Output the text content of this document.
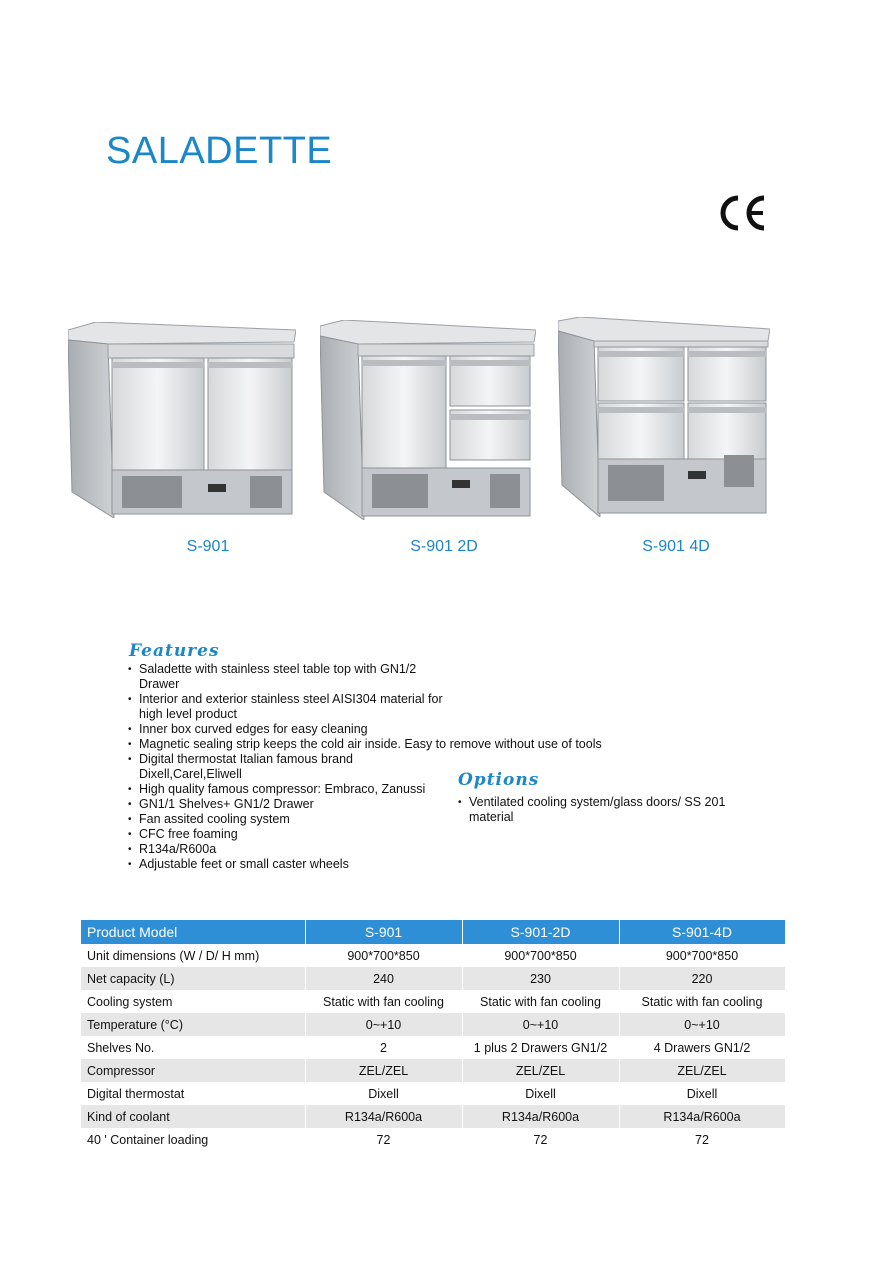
SALADETTE
S-901	S-901 2D	S-901 4D
Features
• Saladette with stainless steel table top with GN1/2 Drawer
• Interior and exterior stainless steel AISI304 material for high level product
• Inner box curved edges for easy cleaning
• Magnetic sealing strip keeps the cold air inside. Easy to remove without use of tools
• Digital thermostat Italian famous brand Dixell,Carel,Eliwell
• High quality famous compressor: Embraco, Zanussi
• GN1/1 Shelves+ GN1/2 Drawer
• Fan assited cooling system
• CFC free foaming
• R134a/R600a
• Adjustable feet or small caster wheels
Options
• Ventilated cooling system/glass doors/ SS 201 material
Product Model	S-901	S-901-2D	S-901-4D
Unit dimensions (W / D/ H mm)	900*700*850	900*700*850	900*700*850
Net capacity (L)	240	230	220
Cooling system	Static with fan cooling	Static with fan cooling	Static with fan cooling
Temperature (°C)	0~+10	0~+10	0~+10
Shelves No.	2	1 plus 2 Drawers GN1/2	4 Drawers GN1/2
Compressor	ZEL/ZEL	ZEL/ZEL	ZEL/ZEL
Digital thermostat	Dixell	Dixell	Dixell
Kind of coolant	R134a/R600a	R134a/R600a	R134a/R600a
40 ' Container loading	72	72	72
